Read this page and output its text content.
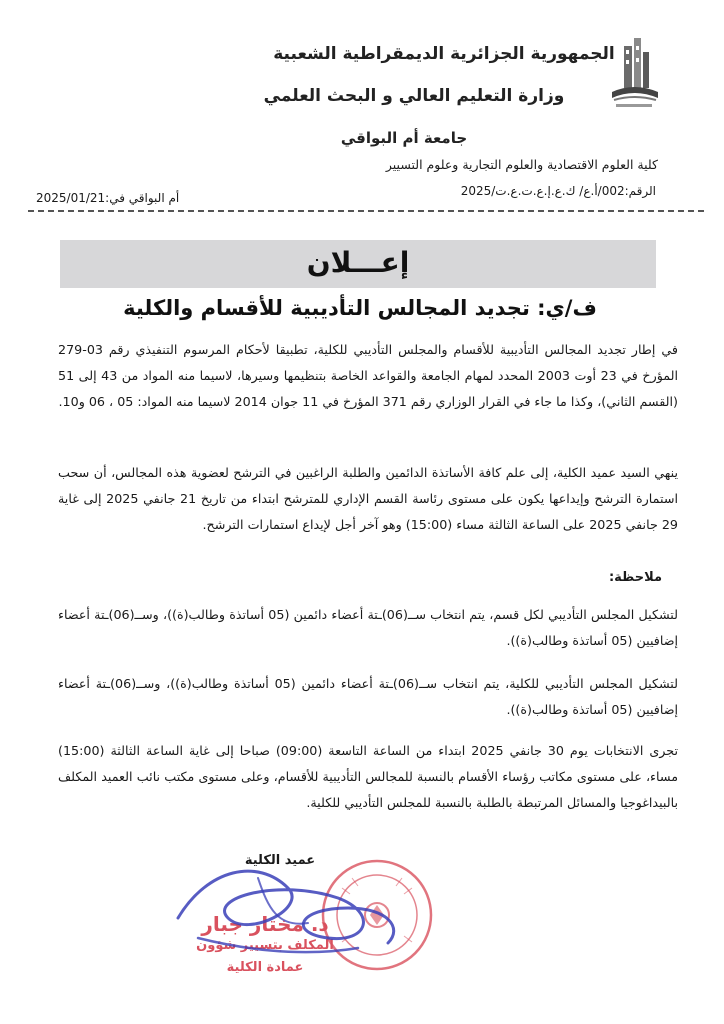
الجمهورية الجزائرية الديمقراطية الشعبية
وزارة التعليم العالي و البحث العلمي
جامعة أم البواقي
كلية العلوم الاقتصادية والعلوم التجارية وعلوم التسيير
الرقم:002/أ.ع/ ك.ع.إ.ع.ت.ع.ت/2025
أم البواقي في:2025/01/21
إعـــلان
ف/ي: تجديد المجالس التأديبية للأقسام والكلية
في إطار تجديد المجالس التأديبية للأقسام والمجلس التأديبي للكلية، تطبيقا لأحكام المرسوم التنفيذي رقم 03-279 المؤرخ في 23 أوت 2003 المحدد لمهام الجامعة والقواعد الخاصة بتنظيمها وسيرها، لاسيما منه المواد من 43 إلى 51 (القسم الثاني)، وكذا ما جاء في القرار الوزاري رقم 371 المؤرخ في 11 جوان 2014 لاسيما منه المواد: 05 ، 06 و10.
ينهي السيد عميد الكلية، إلى علم كافة الأساتذة الدائمين والطلبة الراغبين في الترشح لعضوية هذه المجالس، أن سحب استمارة الترشح وإيداعها يكون على مستوى رئاسة القسم الإداري للمترشح ابتداء من تاريخ 21 جانفي 2025 إلى غاية 29 جانفي 2025 على الساعة الثالثة مساء (15:00) وهو آخر أجل لإيداع استمارات الترشح.
ملاحظة:
لتشكيل المجلس التأديبي لكل قسم، يتم انتخاب ســ(06)ـتة أعضاء دائمين (05 أساتذة وطالب(ة))، وســ(06)ـتة أعضاء إضافيين (05 أساتذة وطالب(ة)).
لتشكيل المجلس التأديبي للكلية، يتم انتخاب ســ(06)ـتة أعضاء دائمين (05 أساتذة وطالب(ة))، وســ(06)ـتة أعضاء إضافيين (05 أساتذة وطالب(ة)).
تجرى الانتخابات يوم 30 جانفي 2025 ابتداء من الساعة التاسعة (09:00) صباحا إلى غاية الساعة الثالثة (15:00) مساء، على مستوى مكاتب رؤساء الأقسام بالنسبة للمجالس التأديبية للأقسام، وعلى مستوى مكتب نائب العميد المكلف بالبيداغوجيا والمسائل المرتبطة بالطلبة بالنسبة للمجلس التأديبي للكلية.
عميد الكلية
د. مختار جبار
المكلف بتسيير شؤون
عمادة الكلية
